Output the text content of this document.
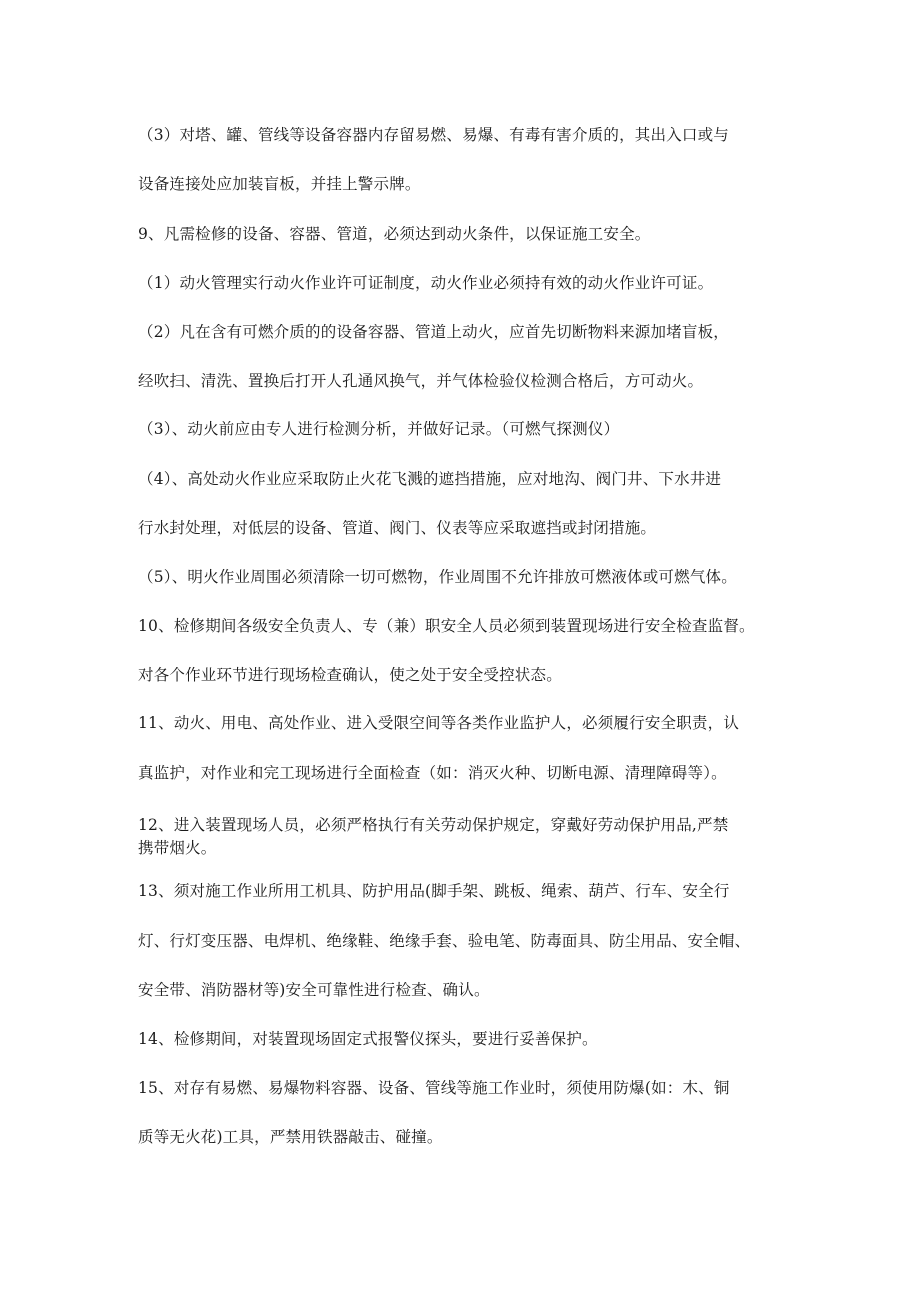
（3）对塔、罐、管线等设备容器内存留易燃、易爆、有毒有害介质的，其出入口或与
设备连接处应加装盲板，并挂上警示牌。
9、凡需检修的设备、容器、管道，必须达到动火条件，以保证施工安全。
（1）动火管理实行动火作业许可证制度，动火作业必须持有效的动火作业许可证。
（2）凡在含有可燃介质的的设备容器、管道上动火，应首先切断物料来源加堵盲板，
经吹扫、清洗、置换后打开人孔通风换气，并气体检验仪检测合格后，方可动火。
（3）、动火前应由专人进行检测分析，并做好记录。（可燃气探测仪）
（4）、高处动火作业应采取防止火花飞溅的遮挡措施，应对地沟、阀门井、下水井进
行水封处理，对低层的设备、管道、阀门、仪表等应采取遮挡或封闭措施。
（5）、明火作业周围必须清除一切可燃物，作业周围不允许排放可燃液体或可燃气体。
10、检修期间各级安全负责人、专（兼）职安全人员必须到装置现场进行安全检查监督。
对各个作业环节进行现场检查确认，使之处于安全受控状态。
11、动火、用电、高处作业、进入受限空间等各类作业监护人，必须履行安全职责，认
真监护，对作业和完工现场进行全面检查（如：消灭火种、切断电源、清理障碍等）。
12、进入装置现场人员，必须严格执行有关劳动保护规定，穿戴好劳动保护用品,严禁
携带烟火。
13、须对施工作业所用工机具、防护用品(脚手架、跳板、绳索、葫芦、行车、安全行
灯、行灯变压器、电焊机、绝缘鞋、绝缘手套、验电笔、防毒面具、防尘用品、安全帽、
安全带、消防器材等)安全可靠性进行检查、确认。
14、检修期间，对装置现场固定式报警仪探头，要进行妥善保护。
15、对存有易燃、易爆物料容器、设备、管线等施工作业时，须使用防爆(如：木、铜
质等无火花)工具，严禁用铁器敲击、碰撞。
